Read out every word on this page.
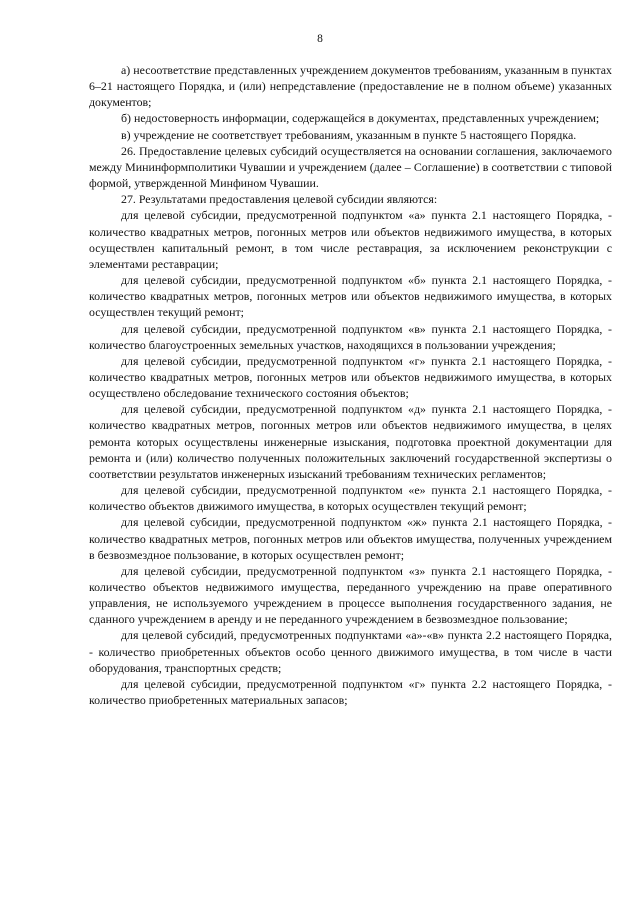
8

а) несоответствие представленных учреждением документов требованиям, указанным в пунктах 6–21 настоящего Порядка, и (или) непредставление (предоставление не в полном объеме) указанных документов;

б) недостоверность информации, содержащейся в документах, представленных учреждением;

в) учреждение не соответствует требованиям, указанным в пункте 5 настоящего Порядка.

26. Предоставление целевых субсидий осуществляется на основании соглашения, заключаемого между Мининформполитики Чувашии и учреждением (далее – Соглашение) в соответствии с типовой формой, утвержденной Минфином Чувашии.

27. Результатами предоставления целевой субсидии являются:

для целевой субсидии, предусмотренной подпунктом «а» пункта 2.1 настоящего Порядка, - количество квадратных метров, погонных метров или объектов недвижимого имущества, в которых осуществлен капитальный ремонт, в том числе реставрация, за исключением реконструкции с элементами реставрации;

для целевой субсидии, предусмотренной подпунктом «б» пункта 2.1 настоящего Порядка, - количество квадратных метров, погонных метров или объектов недвижимого имущества, в которых осуществлен текущий ремонт;

для целевой субсидии, предусмотренной подпунктом «в» пункта 2.1 настоящего Порядка, - количество благоустроенных земельных участков, находящихся в пользовании учреждения;

для целевой субсидии, предусмотренной подпунктом «г» пункта 2.1 настоящего Порядка, - количество квадратных метров, погонных метров или объектов недвижимого имущества, в которых осуществлено обследование технического состояния объектов;

для целевой субсидии, предусмотренной подпунктом «д» пункта 2.1 настоящего Порядка, - количество квадратных метров, погонных метров или объектов недвижимого имущества, в целях ремонта которых осуществлены инженерные изыскания, подготовка проектной документации для ремонта и (или) количество полученных положительных заключений государственной экспертизы о соответствии результатов инженерных изысканий требованиям технических регламентов;

для целевой субсидии, предусмотренной подпунктом «е» пункта 2.1 настоящего Порядка, - количество объектов движимого имущества, в которых осуществлен текущий ремонт;

для целевой субсидии, предусмотренной подпунктом «ж» пункта 2.1 настоящего Порядка, - количество квадратных метров, погонных метров или объектов имущества, полученных учреждением в безвозмездное пользование, в которых осуществлен ремонт;

для целевой субсидии, предусмотренной подпунктом «з» пункта 2.1 настоящего Порядка, - количество объектов недвижимого имущества, переданного учреждению на праве оперативного управления, не используемого учреждением в процессе выполнения государственного задания, не сданного учреждением в аренду и не переданного учреждением в безвозмездное пользование;

для целевой субсидий, предусмотренных подпунктами «а»-«в» пункта 2.2 настоящего Порядка, - количество приобретенных объектов особо ценного движимого имущества, в том числе в части оборудования, транспортных средств;

для целевой субсидии, предусмотренной подпунктом «г» пункта 2.2 настоящего Порядка, - количество приобретенных материальных запасов;
